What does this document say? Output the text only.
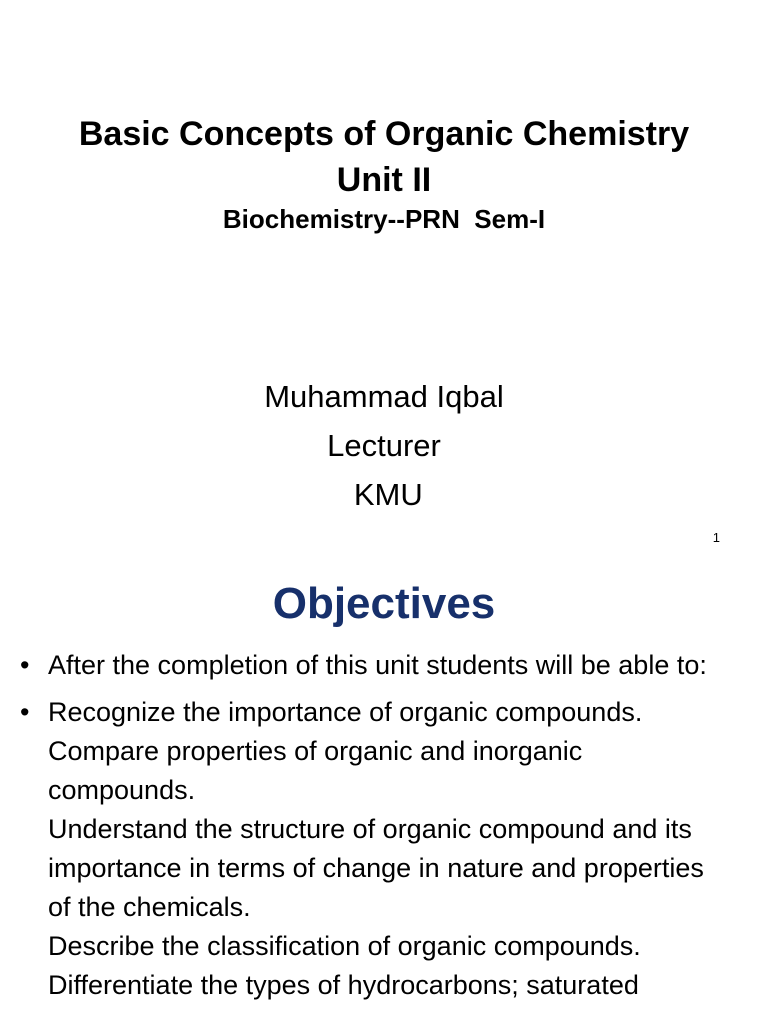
Basic Concepts of Organic Chemistry
Unit II
Biochemistry--PRN  Sem-I

Muhammad Iqbal

Lecturer

KMU

1
Objectives
• After the completion of this unit students will be able to:
• Recognize the importance of organic compounds.
Compare properties of organic and inorganic compounds.
Understand the structure of organic compound and its importance in terms of change in nature and properties of the chemicals.
Describe the classification of organic compounds.
Differentiate the types of hydrocarbons; saturated
